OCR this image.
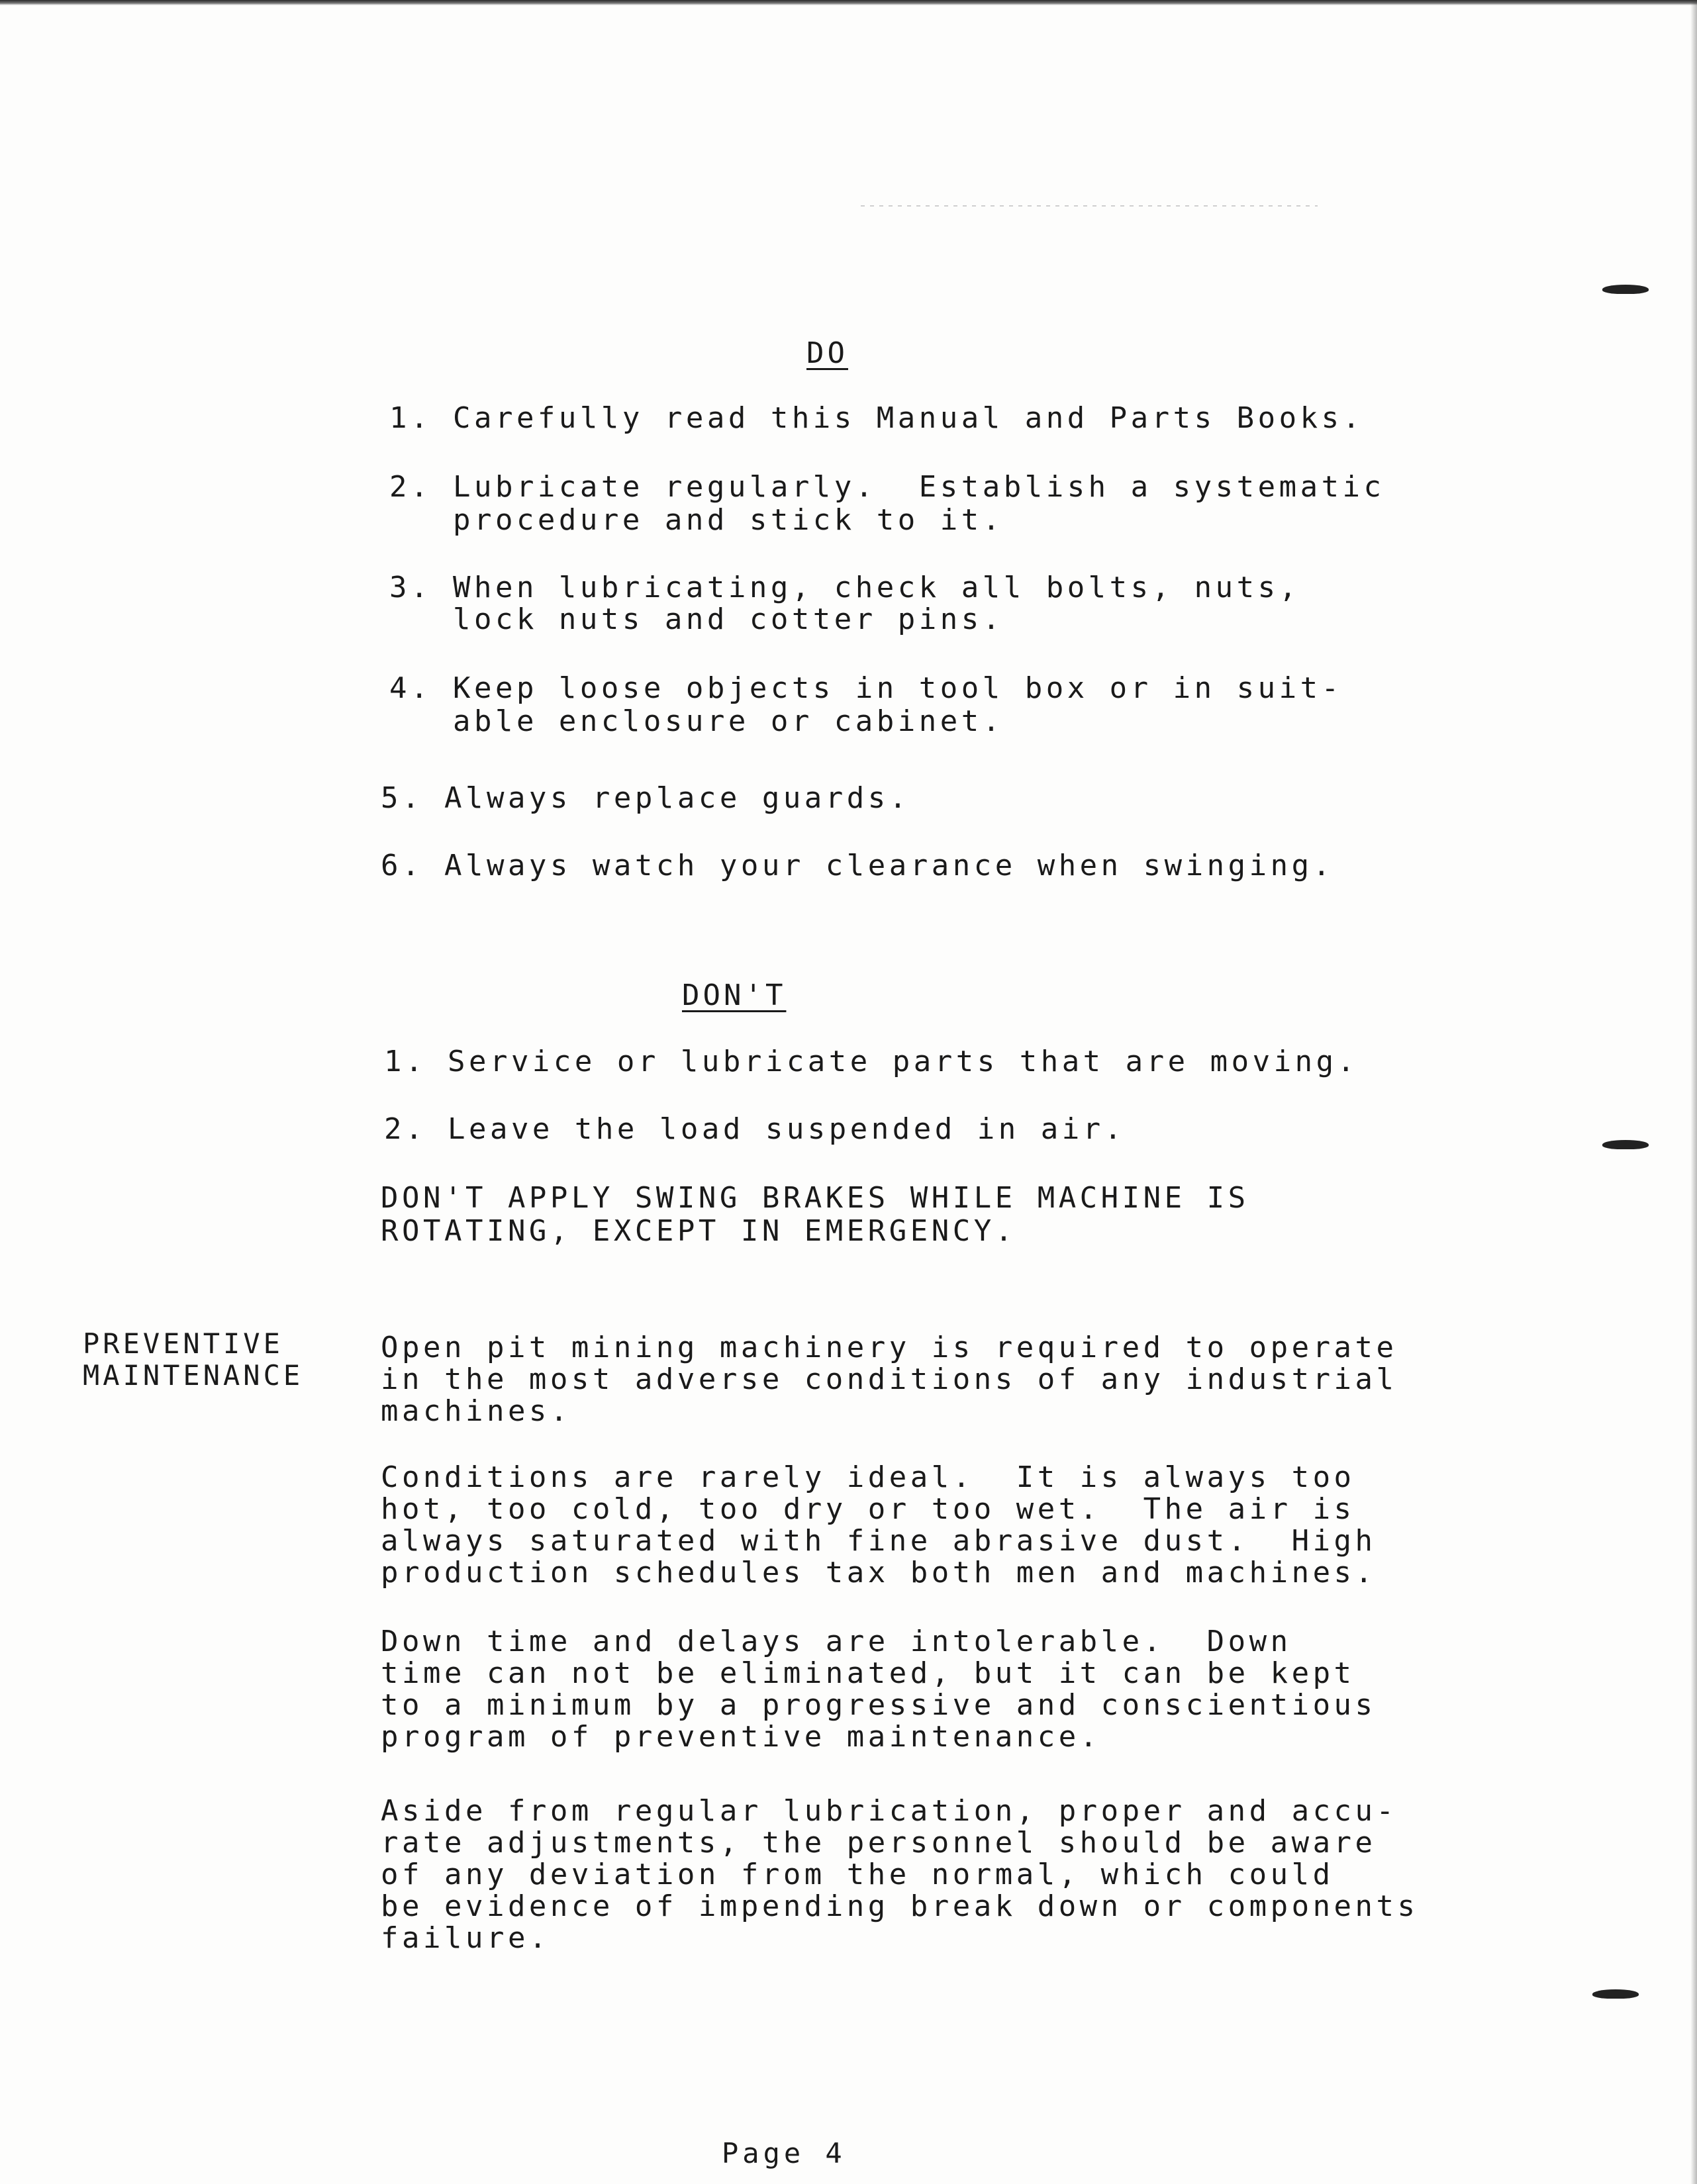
DO
1. Carefully read this Manual and Parts Books.
2. Lubricate regularly.  Establish a systematic
procedure and stick to it.
3. When lubricating, check all bolts, nuts,
lock nuts and cotter pins.
4. Keep loose objects in tool box or in suit-
able enclosure or cabinet.
5. Always replace guards.
6. Always watch your clearance when swinging.
DON'T
1. Service or lubricate parts that are moving.
2. Leave the load suspended in air.
DON'T APPLY SWING BRAKES WHILE MACHINE IS
ROTATING, EXCEPT IN EMERGENCY.
PREVENTIVE
MAINTENANCE
Open pit mining machinery is required to operate
in the most adverse conditions of any industrial
machines.
Conditions are rarely ideal.  It is always too
hot, too cold, too dry or too wet.  The air is
always saturated with fine abrasive dust.  High
production schedules tax both men and machines.
Down time and delays are intolerable.  Down
time can not be eliminated, but it can be kept
to a minimum by a progressive and conscientious
program of preventive maintenance.
Aside from regular lubrication, proper and accu-
rate adjustments, the personnel should be aware
of any deviation from the normal, which could
be evidence of impending break down or components
failure.
Page 4
